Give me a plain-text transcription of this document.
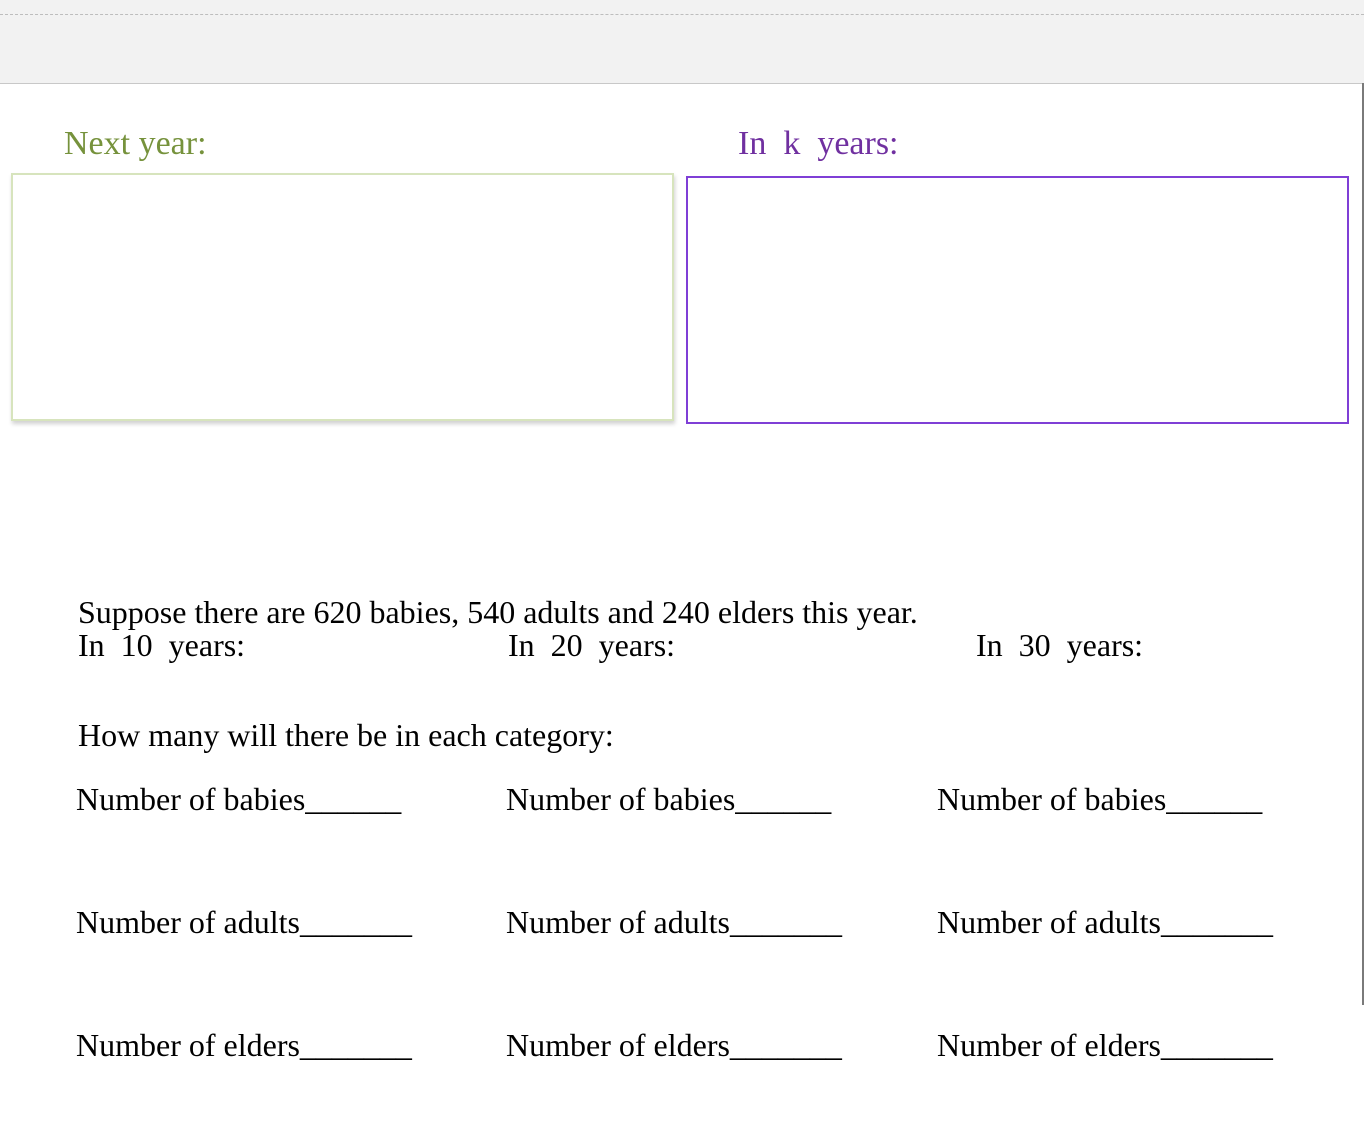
Next year:	In  k  years:

Suppose there are 620 babies, 540 adults and 240 elders this year.

How many will there be in each category:

In  10  years:

Number of babies______

Number of adults_______

Number of elders_______

In  20  years:

Number of babies______

Number of adults_______

Number of elders_______

In  30  years:

Number of babies______

Number of adults_______

Number of elders_______
